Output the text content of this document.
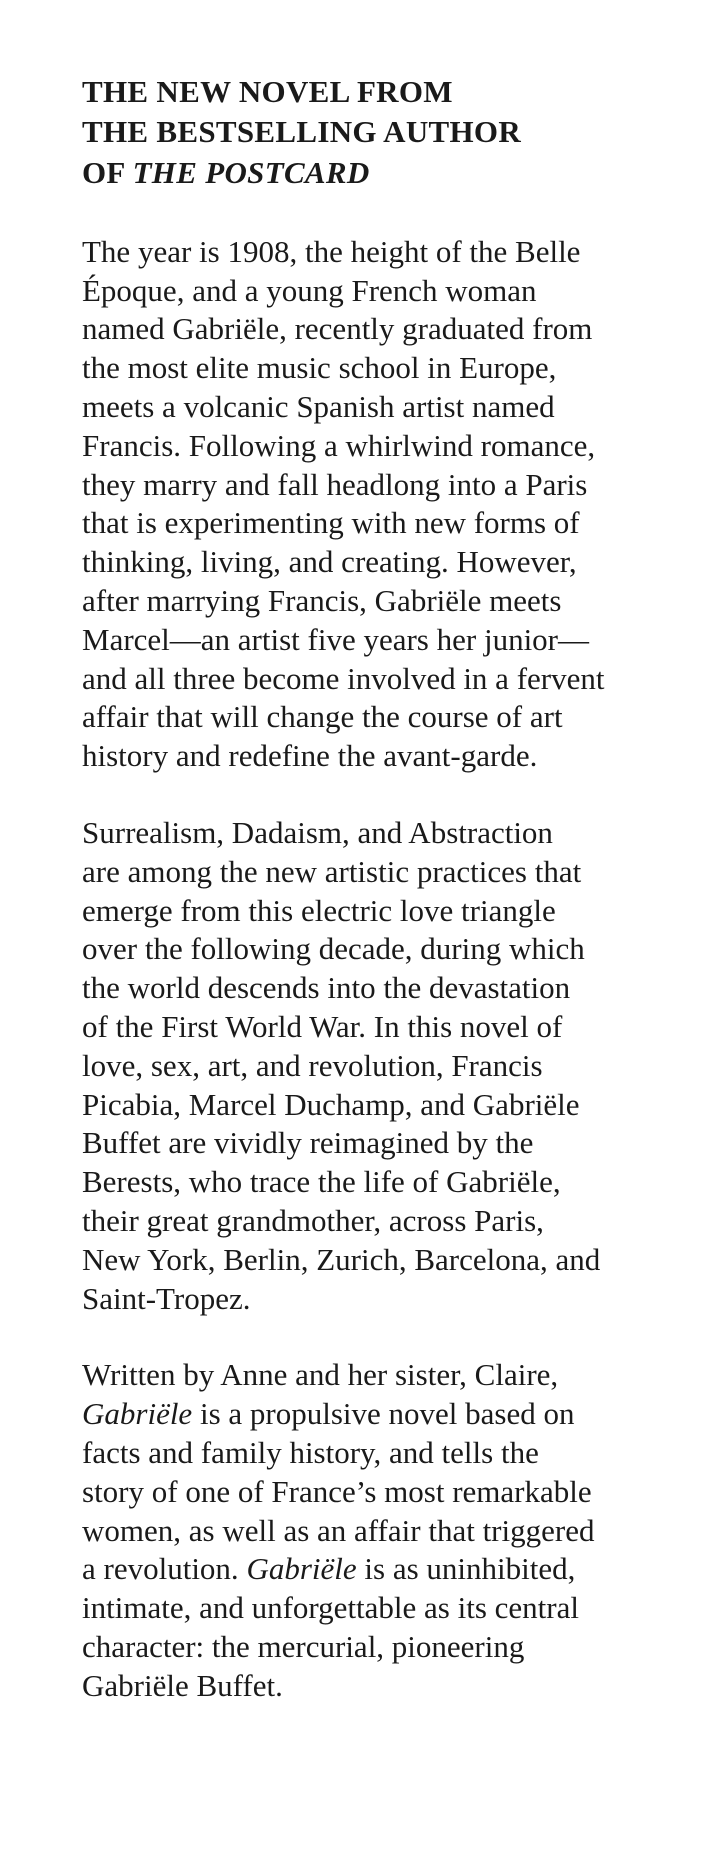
THE NEW NOVEL FROM
THE BESTSELLING AUTHOR
OF THE POSTCARD
The year is 1908, the height of the Belle
Époque, and a young French woman
named Gabriële, recently graduated from
the most elite music school in Europe,
meets a volcanic Spanish artist named
Francis. Following a whirlwind romance,
they marry and fall headlong into a Paris
that is experimenting with new forms of
thinking, living, and creating. However,
after marrying Francis, Gabriële meets
Marcel—an artist five years her junior—
and all three become involved in a fervent
affair that will change the course of art
history and redefine the avant-garde.
Surrealism, Dadaism, and Abstraction
are among the new artistic practices that
emerge from this electric love triangle
over the following decade, during which
the world descends into the devastation
of the First World War. In this novel of
love, sex, art, and revolution, Francis
Picabia, Marcel Duchamp, and Gabriële
Buffet are vividly reimagined by the
Berests, who trace the life of Gabriële,
their great grandmother, across Paris,
New York, Berlin, Zurich, Barcelona, and
Saint-Tropez.
Written by Anne and her sister, Claire,
Gabriële is a propulsive novel based on
facts and family history, and tells the
story of one of France’s most remarkable
women, as well as an affair that triggered
a revolution. Gabriële is as uninhibited,
intimate, and unforgettable as its central
character: the mercurial, pioneering
Gabriële Buffet.
